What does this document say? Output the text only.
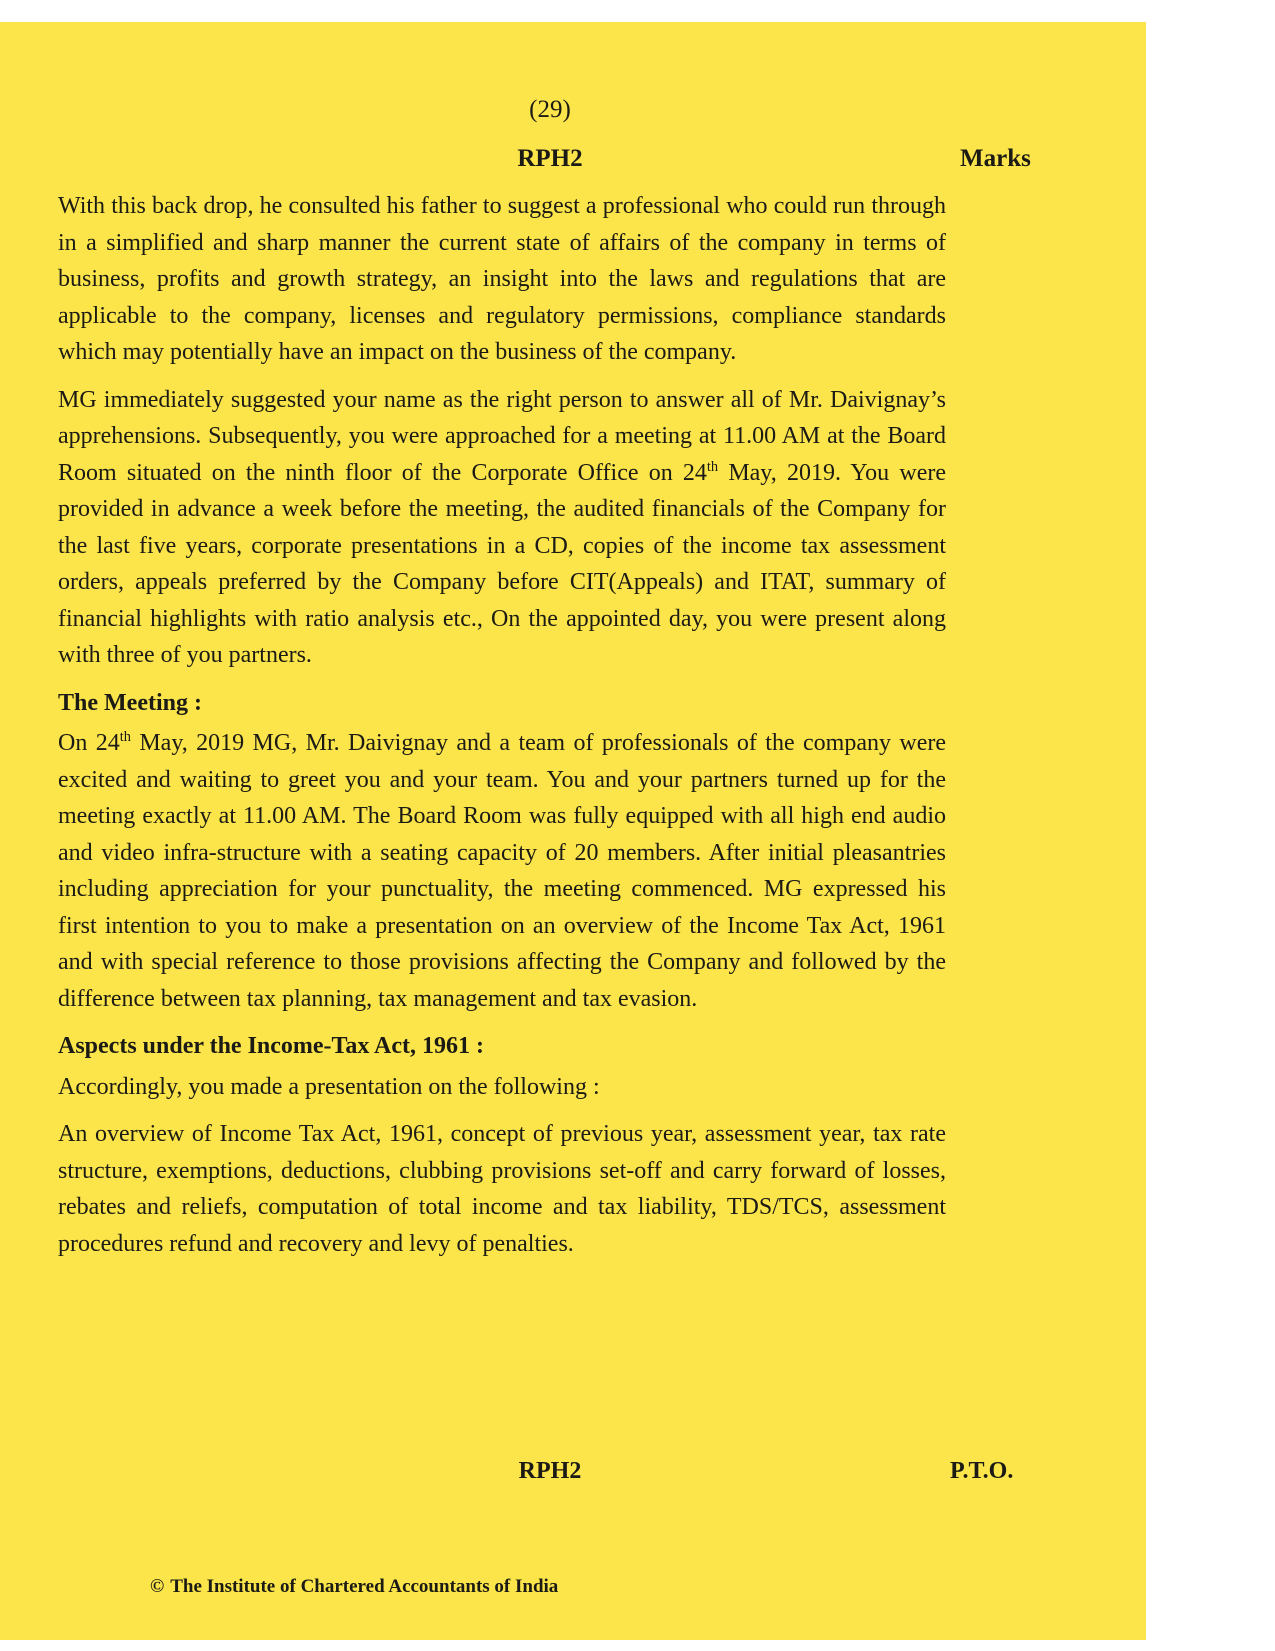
(29)
RPH2	Marks

With this back drop, he consulted his father to suggest a professional who could run through in a simplified and sharp manner the current state of affairs of the company in terms of business, profits and growth strategy, an insight into the laws and regulations that are applicable to the company, licenses and regulatory permissions, compliance standards which may potentially have an impact on the business of the company.

MG immediately suggested your name as the right person to answer all of Mr. Daivignay’s apprehensions. Subsequently, you were approached for a meeting at 11.00 AM at the Board Room situated on the ninth floor of the Corporate Office on 24th May, 2019. You were provided in advance a week before the meeting, the audited financials of the Company for the last five years, corporate presentations in a CD, copies of the income tax assessment orders, appeals preferred by the Company before CIT(Appeals) and ITAT, summary of financial highlights with ratio analysis etc., On the appointed day, you were present along with three of you partners.

The Meeting :

On 24th May, 2019 MG, Mr. Daivignay and a team of professionals of the company were excited and waiting to greet you and your team. You and your partners turned up for the meeting exactly at 11.00 AM. The Board Room was fully equipped with all high end audio and video infra-structure with a seating capacity of 20 members. After initial pleasantries including appreciation for your punctuality, the meeting commenced. MG expressed his first intention to you to make a presentation on an overview of the Income Tax Act, 1961 and with special reference to those provisions affecting the Company and followed by the difference between tax planning, tax management and tax evasion.

Aspects under the Income-Tax Act, 1961 :

Accordingly, you made a presentation on the following :

An overview of Income Tax Act, 1961, concept of previous year, assessment year, tax rate structure, exemptions, deductions, clubbing provisions set-off and carry forward of losses, rebates and reliefs, computation of total income and tax liability, TDS/TCS, assessment procedures refund and recovery and levy of penalties.

RPH2	P.T.O.
© The Institute of Chartered Accountants of India
